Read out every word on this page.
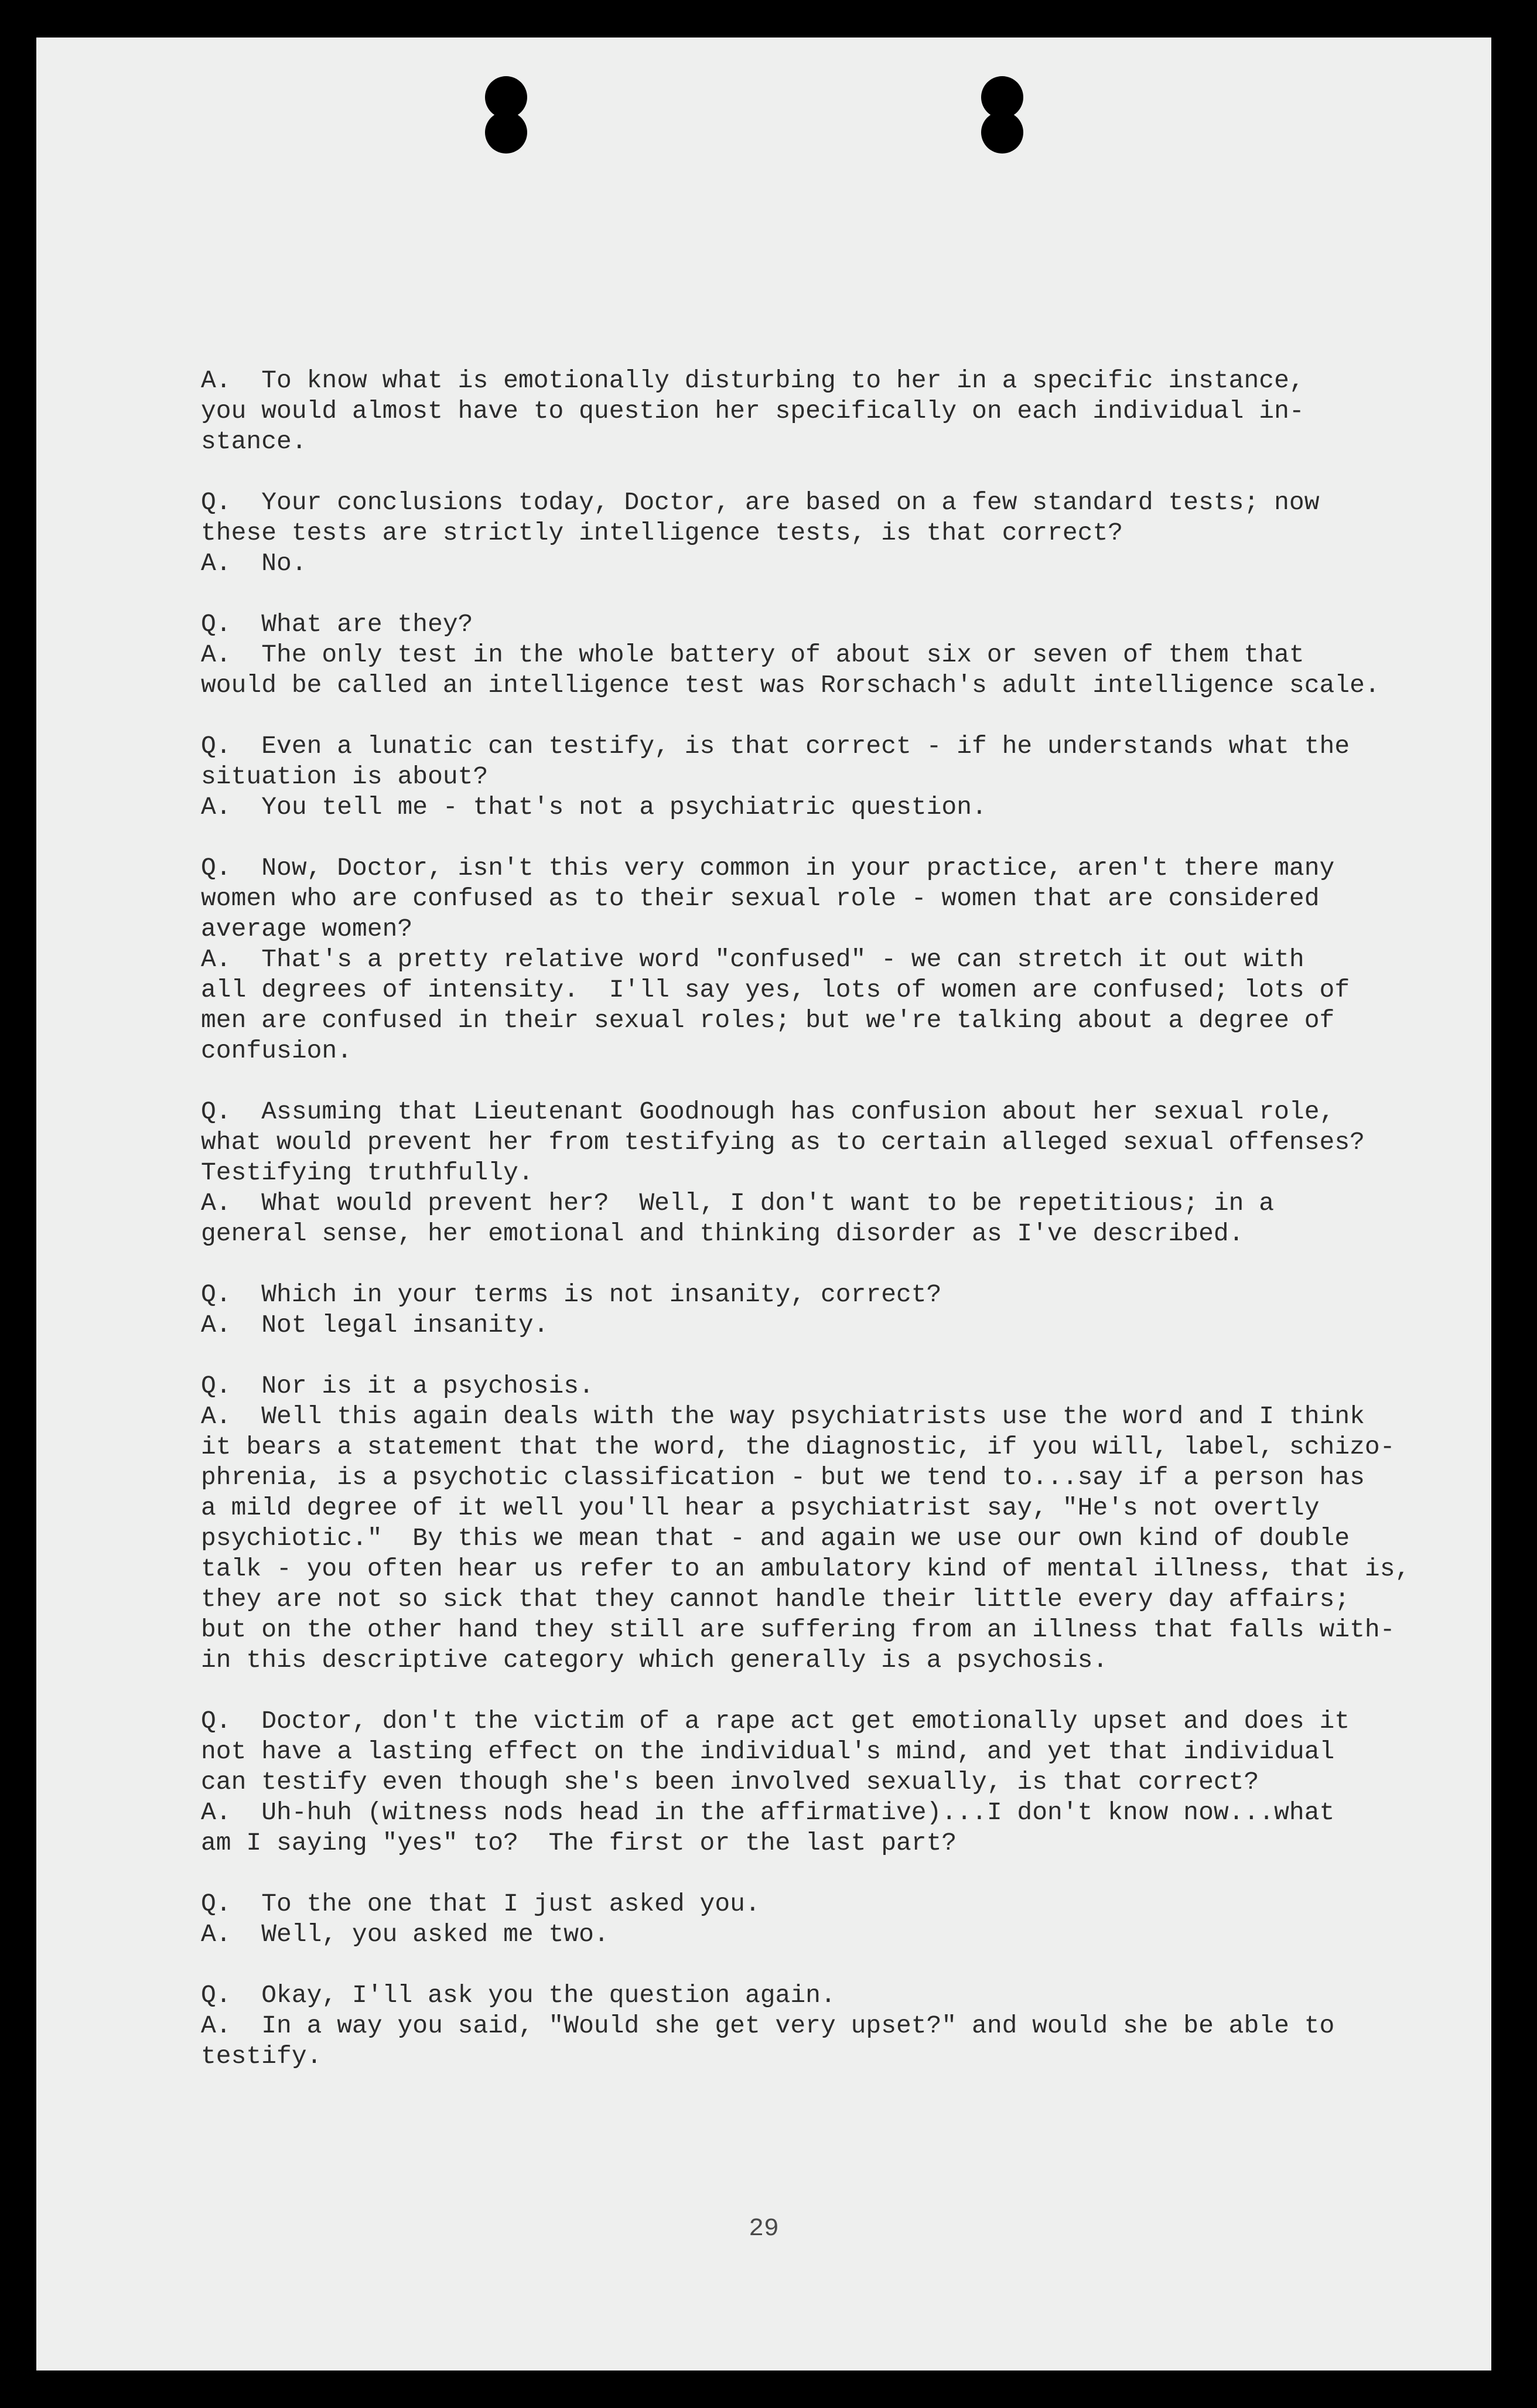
A.  To know what is emotionally disturbing to her in a specific instance,
you would almost have to question her specifically on each individual in-
stance.
Q.  Your conclusions today, Doctor, are based on a few standard tests; now
these tests are strictly intelligence tests, is that correct?
A.  No.
Q.  What are they?
A.  The only test in the whole battery of about six or seven of them that
would be called an intelligence test was Rorschach's adult intelligence scale.
Q.  Even a lunatic can testify, is that correct - if he understands what the
situation is about?
A.  You tell me - that's not a psychiatric question.
Q.  Now, Doctor, isn't this very common in your practice, aren't there many
women who are confused as to their sexual role - women that are considered
average women?
A.  That's a pretty relative word "confused" - we can stretch it out with
all degrees of intensity.  I'll say yes, lots of women are confused; lots of
men are confused in their sexual roles; but we're talking about a degree of
confusion.
Q.  Assuming that Lieutenant Goodnough has confusion about her sexual role,
what would prevent her from testifying as to certain alleged sexual offenses?
Testifying truthfully.
A.  What would prevent her?  Well, I don't want to be repetitious; in a
general sense, her emotional and thinking disorder as I've described.
Q.  Which in your terms is not insanity, correct?
A.  Not legal insanity.
Q.  Nor is it a psychosis.
A.  Well this again deals with the way psychiatrists use the word and I think
it bears a statement that the word, the diagnostic, if you will, label, schizo-
phrenia, is a psychotic classification - but we tend to...say if a person has
a mild degree of it well you'll hear a psychiatrist say, "He's not overtly
psychiotic."  By this we mean that - and again we use our own kind of double
talk - you often hear us refer to an ambulatory kind of mental illness, that is,
they are not so sick that they cannot handle their little every day affairs;
but on the other hand they still are suffering from an illness that falls with-
in this descriptive category which generally is a psychosis.
Q.  Doctor, don't the victim of a rape act get emotionally upset and does it
not have a lasting effect on the individual's mind, and yet that individual
can testify even though she's been involved sexually, is that correct?
A.  Uh-huh (witness nods head in the affirmative)...I don't know now...what
am I saying "yes" to?  The first or the last part?
Q.  To the one that I just asked you.
A.  Well, you asked me two.
Q.  Okay, I'll ask you the question again.
A.  In a way you said, "Would she get very upset?" and would she be able to
testify.
29
